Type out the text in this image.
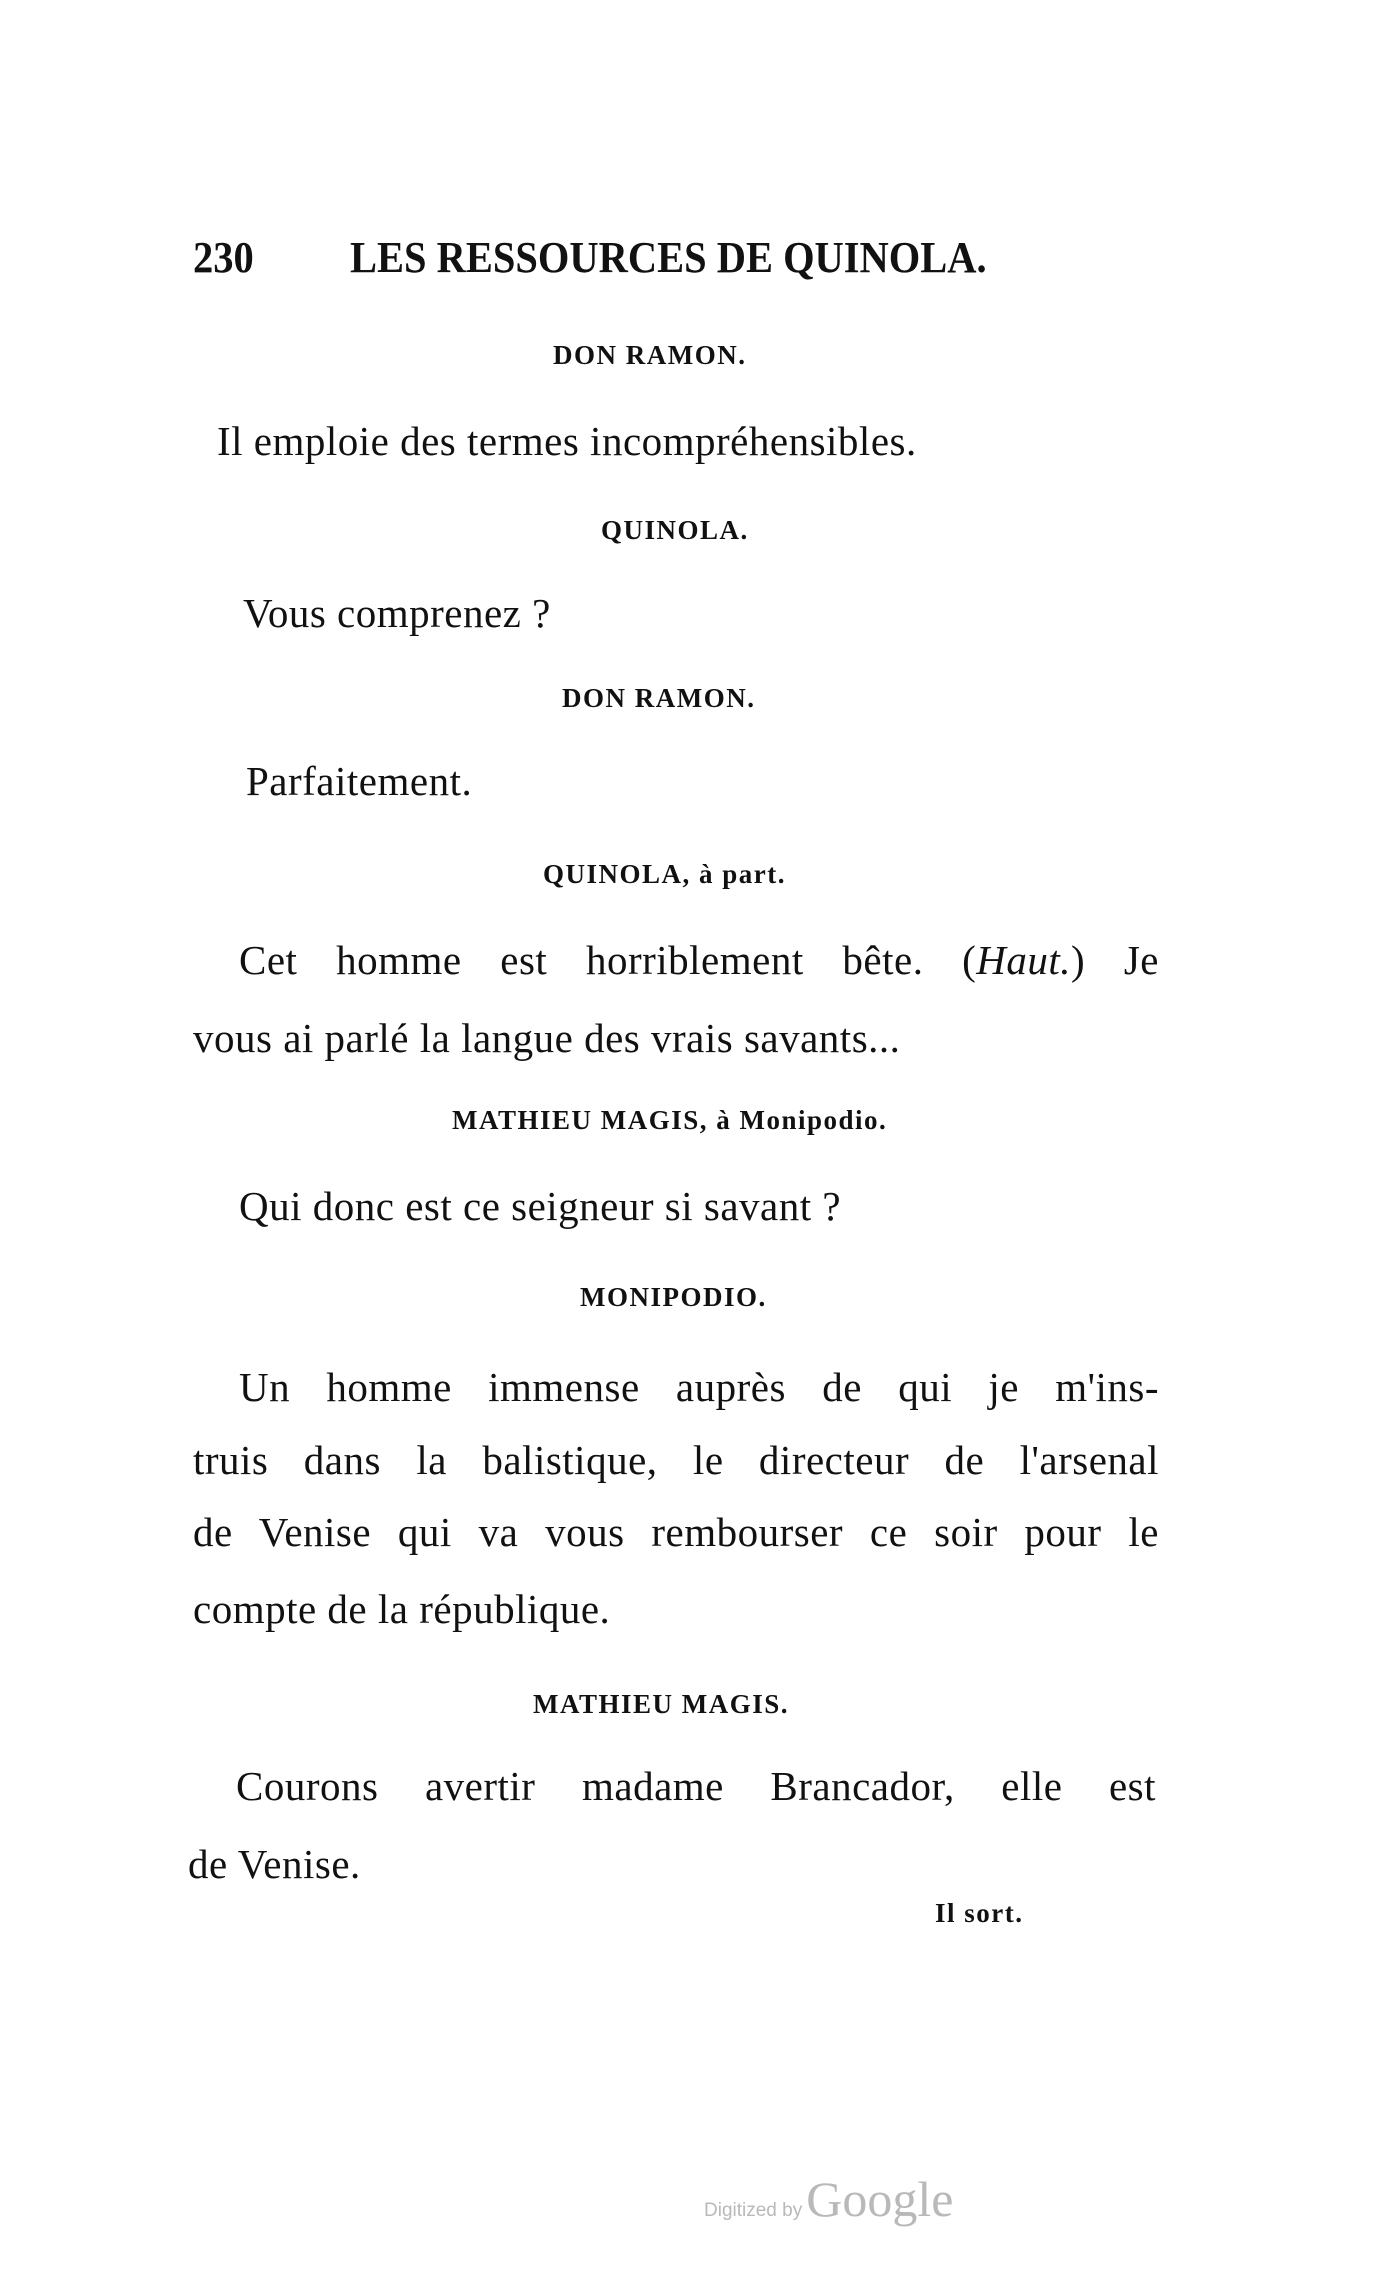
230 LES RESSOURCES DE QUINOLA.
DON RAMON.
Il emploie des termes incompréhensibles.
QUINOLA.
Vous comprenez ?
DON RAMON.
Parfaitement.
QUINOLA, à part.
Cet homme est horriblement bête. (Haut.) Je
vous ai parlé la langue des vrais savants...
MATHIEU MAGIS, à Monipodio.
Qui donc est ce seigneur si savant ?
MONIPODIO.
Un homme immense auprès de qui je m'ins-
truis dans la balistique, le directeur de l'arsenal
de Venise qui va vous rembourser ce soir pour le
compte de la république.
MATHIEU MAGIS.
Courons avertir madame Brancador, elle est
de Venise.
Il sort.
Digitized byGoogle
